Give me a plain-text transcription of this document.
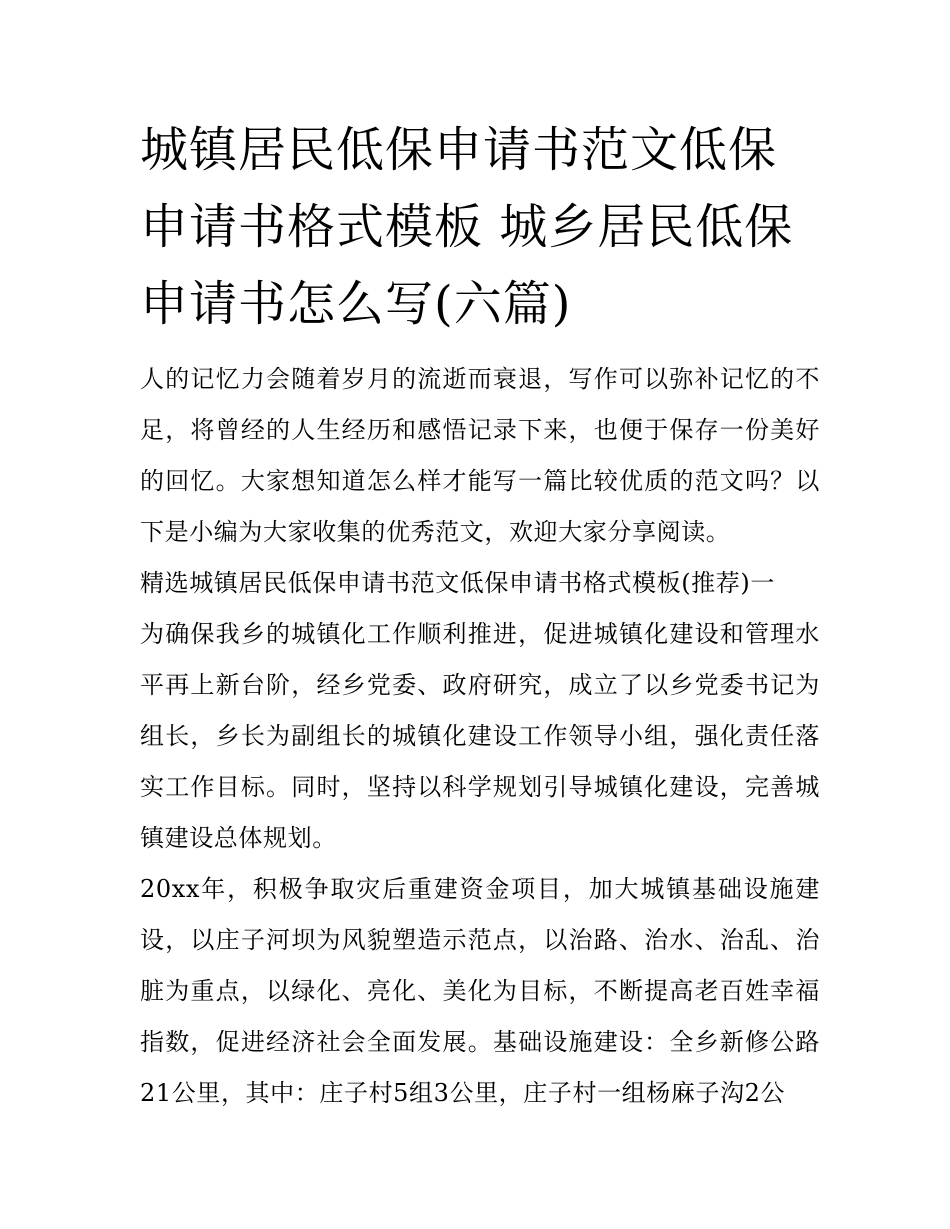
城镇居民低保申请书范文低保申请书格式模板 城乡居民低保申请书怎么写(六篇)

人的记忆力会随着岁月的流逝而衰退，写作可以弥补记忆的不足，将曾经的人生经历和感悟记录下来，也便于保存一份美好的回忆。大家想知道怎么样才能写一篇比较优质的范文吗？以下是小编为大家收集的优秀范文，欢迎大家分享阅读。

精选城镇居民低保申请书范文低保申请书格式模板(推荐)一

为确保我乡的城镇化工作顺利推进，促进城镇化建设和管理水平再上新台阶，经乡党委、政府研究，成立了以乡党委书记为组长，乡长为副组长的城镇化建设工作领导小组，强化责任落实工作目标。同时，坚持以科学规划引导城镇化建设，完善城镇建设总体规划。

20xx年，积极争取灾后重建资金项目，加大城镇基础设施建设，以庄子河坝为风貌塑造示范点，以治路、治水、治乱、治脏为重点，以绿化、亮化、美化为目标，不断提高老百姓幸福指数，促进经济社会全面发展。基础设施建设：全乡新修公路21公里，其中：庄子村5组3公里，庄子村一组杨麻子沟2公
